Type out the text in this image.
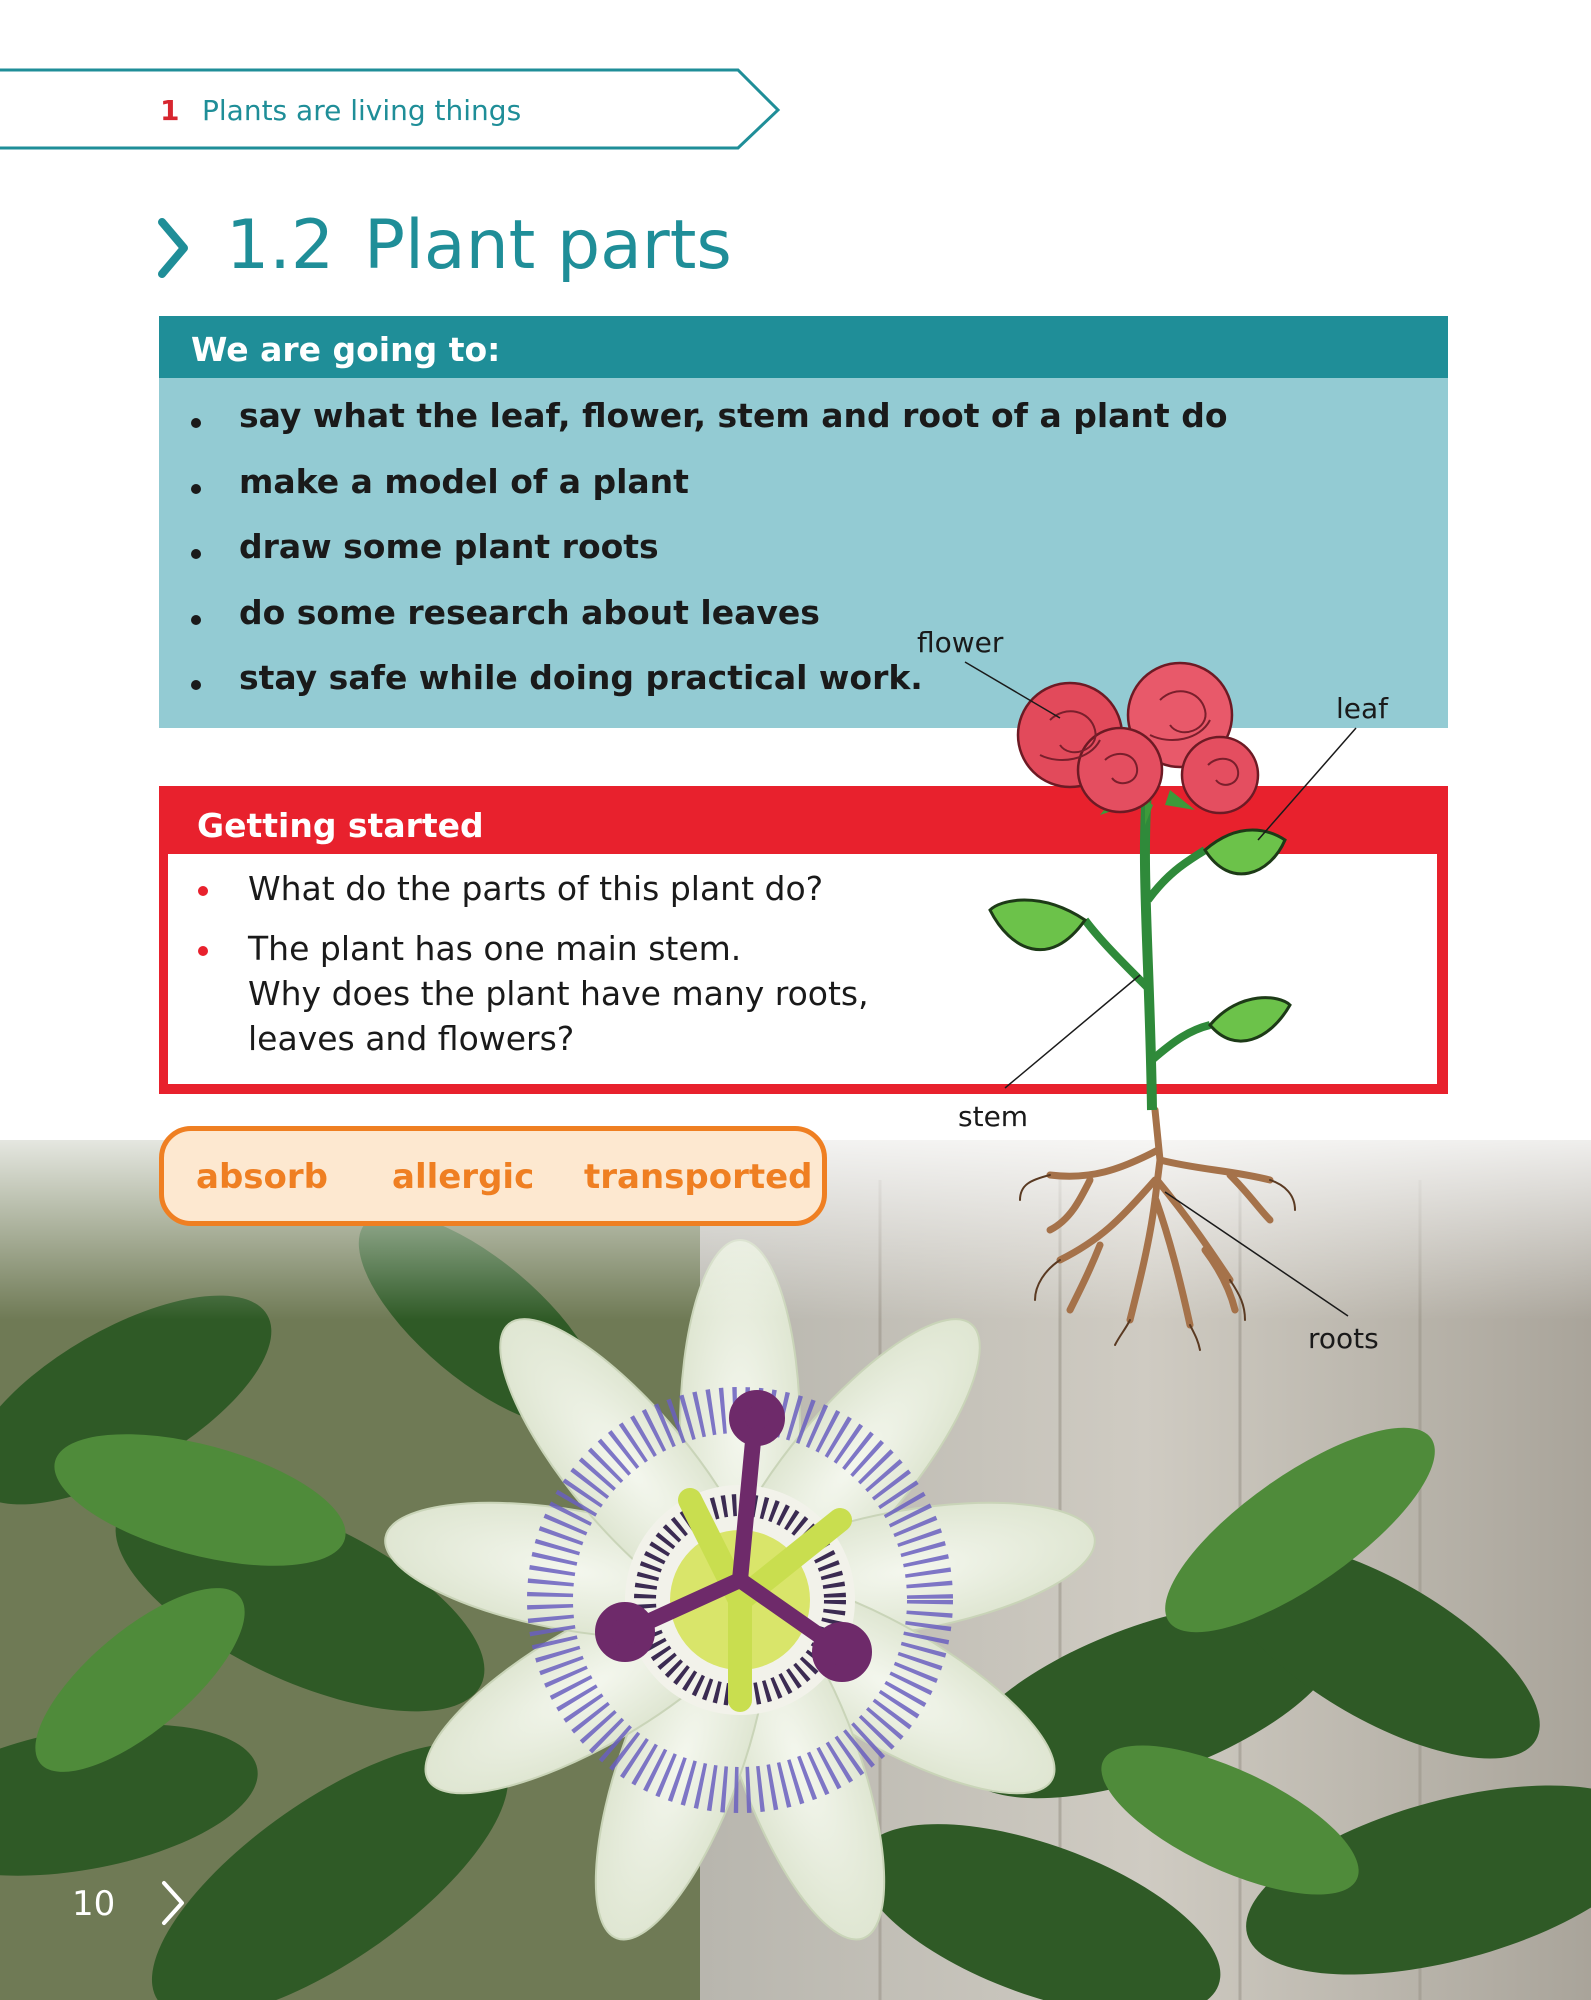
1 Plants are living things
1.2 Plant parts
We are going to:
say what the leaf, flower, stem and root of a plant do
make a model of a plant
draw some plant roots
do some research about leaves
stay safe while doing practical work.
Getting started
What do the parts of this plant do?
The plant has one main stem.
Why does the plant have many roots,
leaves and flowers?
absorb allergic transported
flower
leaf
stem
roots
10
